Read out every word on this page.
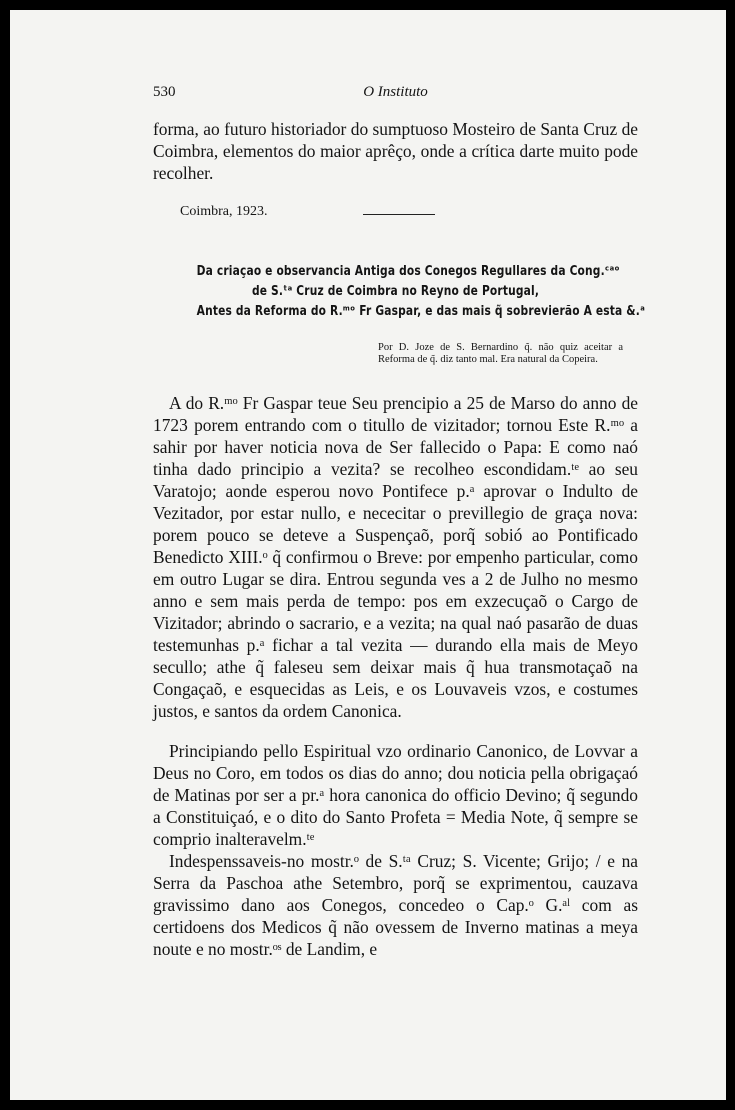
530	O Instituto

forma, ao futuro historiador do sumptuoso Mosteiro de Santa Cruz de Coimbra, elementos do maior aprêço, onde a crítica darte muito pode recolher.

Coimbra, 1923.
Da criaçao e observancia Antiga dos Conegos Regullares da Cong.ᶜᵃᵒ
de S.ᵗᵃ Cruz de Coimbra no Reyno de Portugal,
Antes da Reforma do R.ᵐᵒ Fr Gaspar, e das mais q̃ sobrevierão A esta &.ᵃ
Por D. Joze de S. Bernardino q̃. não quiz aceitar a Reforma de q̃. diz tanto mal. Era natural da Copeira.

A do R.ᵐᵒ Fr Gaspar teue Seu prencipio a 25 de Marso do anno de 1723 porem entrando com o titullo de vizitador; tornou Este R.ᵐᵒ a sahir por haver noticia nova de Ser fallecido o Papa: E como naó tinha dado principio a vezita? se recolheo escondidam.ᵗᵉ ao seu Varatojo; aonde esperou novo Pontifece p.ᵃ aprovar o Indulto de Vezitador, por estar nullo, e nececitar o previllegio de graça nova: porem pouco se deteve a Suspençaõ, porq̃ sobió ao Pontificado Benedicto XIII.ᵒ q̃ confirmou o Breve: por empenho particular, como em outro Lugar se dira. Entrou segunda ves a 2 de Julho no mesmo anno e sem mais perda de tempo: pos em exzecuçaõ o Cargo de Vizitador; abrindo o sacrario, e a vezita; na qual naó pasarão de duas testemunhas p.ᵃ fichar a tal vezita — durando ella mais de Meyo secullo; athe q̃ faleseu sem deixar mais q̃ hua transmotaçaõ na Congaçaõ, e esquecidas as Leis, e os Louvaveis vzos, e costumes justos, e santos da ordem Canonica.

Principiando pello Espiritual vzo ordinario Canonico, de Lovvar a Deus no Coro, em todos os dias do anno; dou noticia pella obrigaçaó de Matinas por ser a pr.ᵃ hora canonica do officio Devino; q̃ segundo a Constituiçaó, e o dito do Santo Profeta = Media Note, q̃ sempre se comprio inalteravelm.ᵗᵉ

Indespenssaveis-no mostr.ᵒ de S.ᵗᵃ Cruz; S. Vicente; Grijo; / e na Serra da Paschoa athe Setembro, porq̃ se exprimentou, cauzava gravissimo dano aos Conegos, concedeo o Cap.ᵒ G.ᵃˡ com as certidoens dos Medicos q̃ não ovessem de Inverno matinas a meya noute e no mostr.ᵒˢ de Landim, e
